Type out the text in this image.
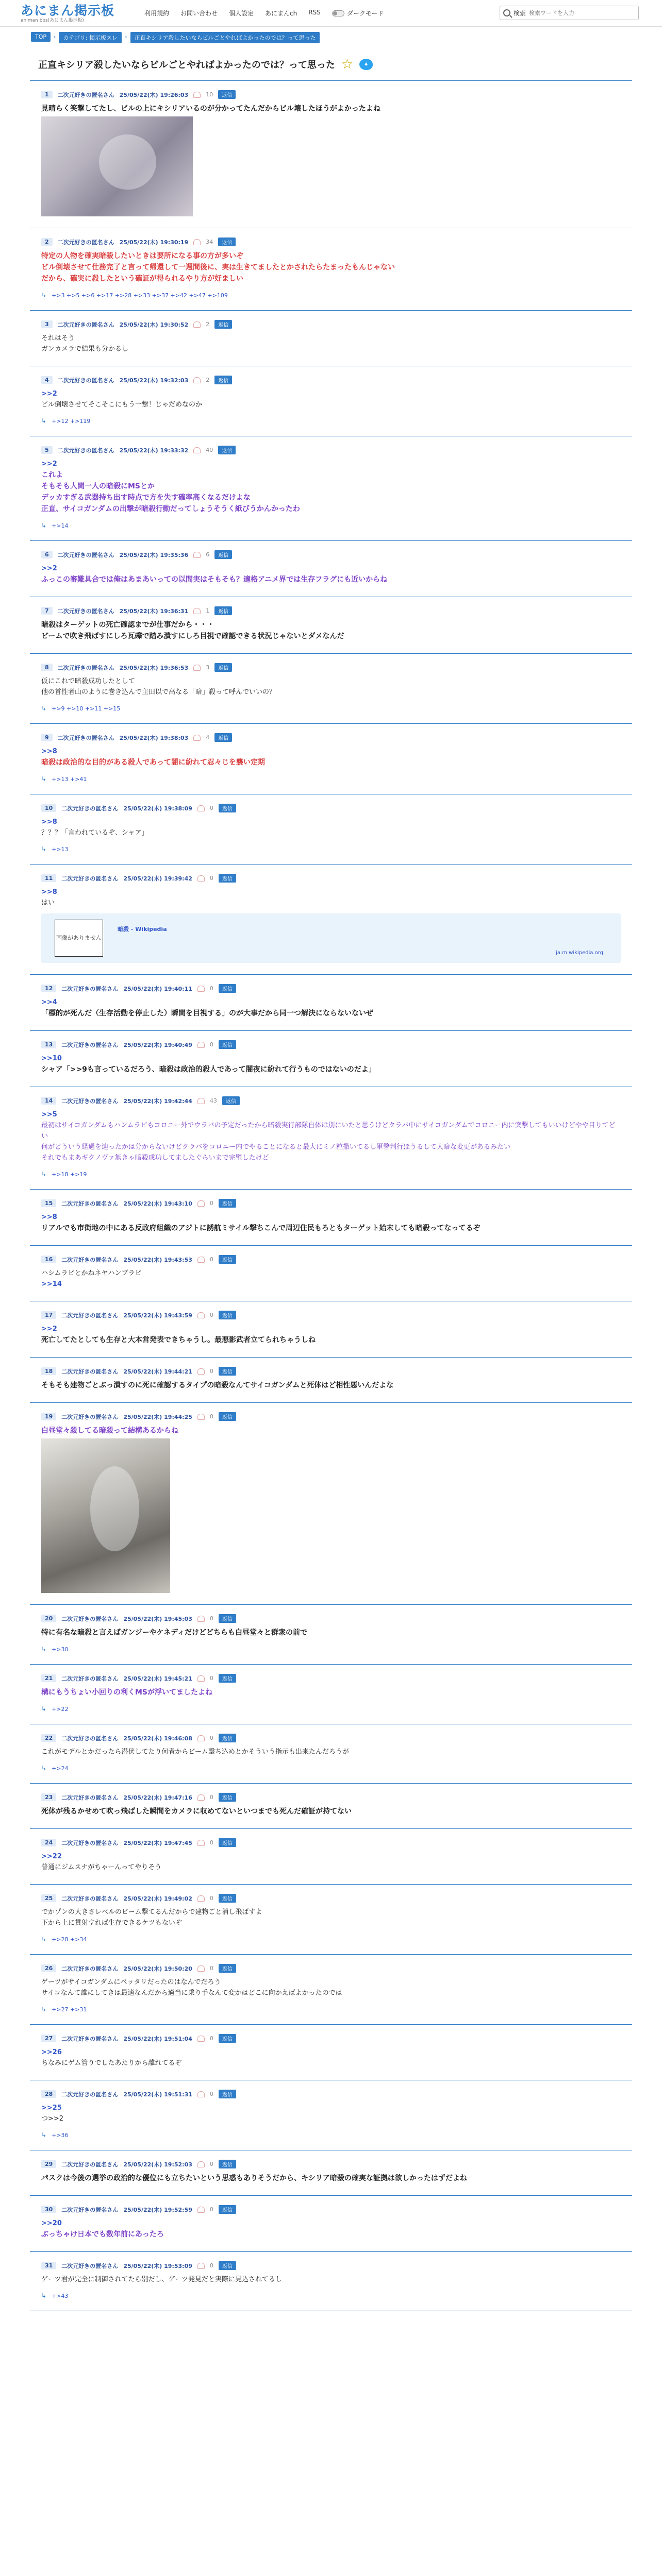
あにまん掲示板
animan bbs(あにまん掲示板)
利用規約 お問い合わせ 個人設定 あにまんch RSS	ダークモード	検索
検索ワードを入力
TOP	›	カテゴリ: 掲示板スレ	›	正直キシリア殺したいならビルごとやればよかったのでは？って思った
正直キシリア殺したいならビルごとやればよかったのでは？って思った ☆	✦
1	二次元好きの匿名さん 25/05/22(木) 19:26:03	10	返信
見晴らく笑撃してたし、ビルの上にキシリアいるのが分かってたんだからビル壊したほうがよかったよね
2	二次元好きの匿名さん 25/05/22(木) 19:30:19	34	返信
特定の人物を確実暗殺したいときは要所になる事の方が多いぞ
ビル倒壊させて仕務完了と言って帰還して一週間後に、実は生きてましたとかされたらたまったもんじゃない
だから、確実に殺したという確証が得られるやり方が好ましい
↳ +>3 +>5 +>6 +>17 +>28 +>33 +>37 +>42 +>47 +>109
3	二次元好きの匿名さん 25/05/22(木) 19:30:52	2	返信
それはそう
ガンカメラで結果も分かるし
4	二次元好きの匿名さん 25/05/22(木) 19:32:03	2	返信
>>2
ビル倒壊させてそこそこにもう一撃！じゃだめなのか
↳ +>12 +>119
5	二次元好きの匿名さん 25/05/22(木) 19:33:32	40	返信
>>2
これよ
そもそも人間一人の暗殺にMSとか
デッカすぎる武器持ち出す時点で方を失す確率高くなるだけよな
正直、サイコガンダムの出撃が暗殺行動だってしょうそうく紙びうかんかったわ
↳ +>14
6	二次元好きの匿名さん 25/05/22(木) 19:35:36	6	返信
>>2
ふっこの審難具合では俺はあまあいっての以間実はそもそも？適格アニメ界では生存フラグにも近いからね
7	二次元好きの匿名さん 25/05/22(木) 19:36:31	1	返信
暗殺はターゲットの死亡確認までが仕事だから・・・
ビームで吹き飛ばすにしろ瓦礫で踏み潰すにしろ目視で確認できる状況じゃないとダメなんだ
8	二次元好きの匿名さん 25/05/22(木) 19:36:53	3	返信
仮にこれで暗殺成功したとして
他の首性者山のように巻き込んで主田以で高なる「暗」殺って呼んでいいの？
↳ +>9 +>10 +>11 +>15
9	二次元好きの匿名さん 25/05/22(木) 19:38:03	4	返信
>>8
暗殺は政治的な目的がある殺人であって闇に紛れて忍々じを襲い定期
↳ +>13 +>41
10	二次元好きの匿名さん 25/05/22(木) 19:38:09	0	返信
>>8
？？？「言われているぞ、シャア」
↳ +>13
11	二次元好きの匿名さん 25/05/22(木) 19:39:42	0	返信
>>8
はい
画像が ありません
暗殺 - Wikipedia
ja.m.wikipedia.org
12	二次元好きの匿名さん 25/05/22(木) 19:40:11	0	返信
>>4
「標的が死んだ（生存活動を停止した）瞬間を目視する」のが大事だから同一つ解決にならないないぜ
13	二次元好きの匿名さん 25/05/22(木) 19:40:49	0	返信
>>10
シャア「>>9も言っているだろう、暗殺は政治的殺人であって闇夜に紛れて行うものではないのだよ」
14	二次元好きの匿名さん 25/05/22(木) 19:42:44	43	返信
>>5
最初はサイコガンダムもハンムラビもコロニー外でウラバの予定だったから暗殺実行部隊自体は別にいたと思うけどクラバ中にサイコガンダムでコロニー内に突撃してもいいけどやや目りてどい
何がどういう経過を辿ったかは分からないけどクラバをコロニー内でやることになると最大にミノ粒撒いてるし軍警判行ほうるして大暗な変更があるみたい
それでもまあギクノヴァ無きゃ暗殺成功してましたぐらいまで完璧したけど
↳ +>18 +>19
15	二次元好きの匿名さん 25/05/22(木) 19:43:10	0	返信
>>8
リアルでも市街地の中にある反政府組織のアジトに誘航ミサイル撃ちこんで周辺住民もろともターゲット始末しても暗殺ってなってるぞ
16	二次元好きの匿名さん 25/05/22(木) 19:43:53	0	返信
ハシムラビとかねネヤハンブラビ
>>14
17	二次元好きの匿名さん 25/05/22(木) 19:43:59	0	返信
>>2
死亡してたとしても生存と大本営発表できちゃうし。最悪影武者立てられちゃうしね
18	二次元好きの匿名さん 25/05/22(木) 19:44:21	0	返信
そもそも建物ごとぶっ潰すのに死に確認するタイプの暗殺なんてサイコガンダムと死体はど相性悪いんだよな
19	二次元好きの匿名さん 25/05/22(木) 19:44:25	0	返信
白昼堂々殺してる暗殺って結構あるからね
20	二次元好きの匿名さん 25/05/22(木) 19:45:03	0	返信
特に有名な暗殺と言えばガンジーやケネディだけどどちらも白昼堂々と群衆の前で
↳ +>30
21	二次元好きの匿名さん 25/05/22(木) 19:45:21	0	返信
構にもうちょい小回りの利くMSが浮いてましたよね
↳ +>22
22	二次元好きの匿名さん 25/05/22(木) 19:46:08	0	返信
これがモデルとかだったら潜伏してたり何者からビーム撃ち込めとかそういう指示も出来たんだろうが
↳ +>24
23	二次元好きの匿名さん 25/05/22(木) 19:47:16	0	返信
死体が残るかせめて吹っ飛ばした瞬間をカメラに収めてないといつまでも死んだ確証が持てない
24	二次元好きの匿名さん 25/05/22(木) 19:47:45	0	返信
>>22
普通にジムスナがちゃーんってやりそう
25	二次元好きの匿名さん 25/05/22(木) 19:49:02	0	返信
でかゾンの大きさレベルのビーム撃てるんだからで建物ごと消し飛ばすよ
下から上に貫射すれば生存できるケツもないぞ
↳ +>28 +>34
26	二次元好きの匿名さん 25/05/22(木) 19:50:20	0	返信
ゲーツがサイコガンダムにベッタリだったのはなんでだろう
サイコなんて誰にしてきは最適なんだから適当に乗り手なんて変かはどこに向かえばよかったのでは
↳ +>27 +>31
27	二次元好きの匿名さん 25/05/22(木) 19:51:04	0	返信
>>26
ちなみにゲム管りでしたあたりから離れてるぞ
28	二次元好きの匿名さん 25/05/22(木) 19:51:31	0	返信
>>25
つ>>2
↳ +>36
29	二次元好きの匿名さん 25/05/22(木) 19:52:03	0	返信
パスクは今後の選挙の政治的な優位にも立ちたいという思惑もありそうだから、キシリア暗殺の確実な証拠は欲しかったはずだよね
30	二次元好きの匿名さん 25/05/22(木) 19:52:59	0	返信
>>20
ぶっちゃけ日本でも数年前にあったろ
31	二次元好きの匿名さん 25/05/22(木) 19:53:09	0	返信
ゲーツ君が完全に制御されてたら別だし、ゲーツ発見だと実際に見込されてるし
↳ +>43
